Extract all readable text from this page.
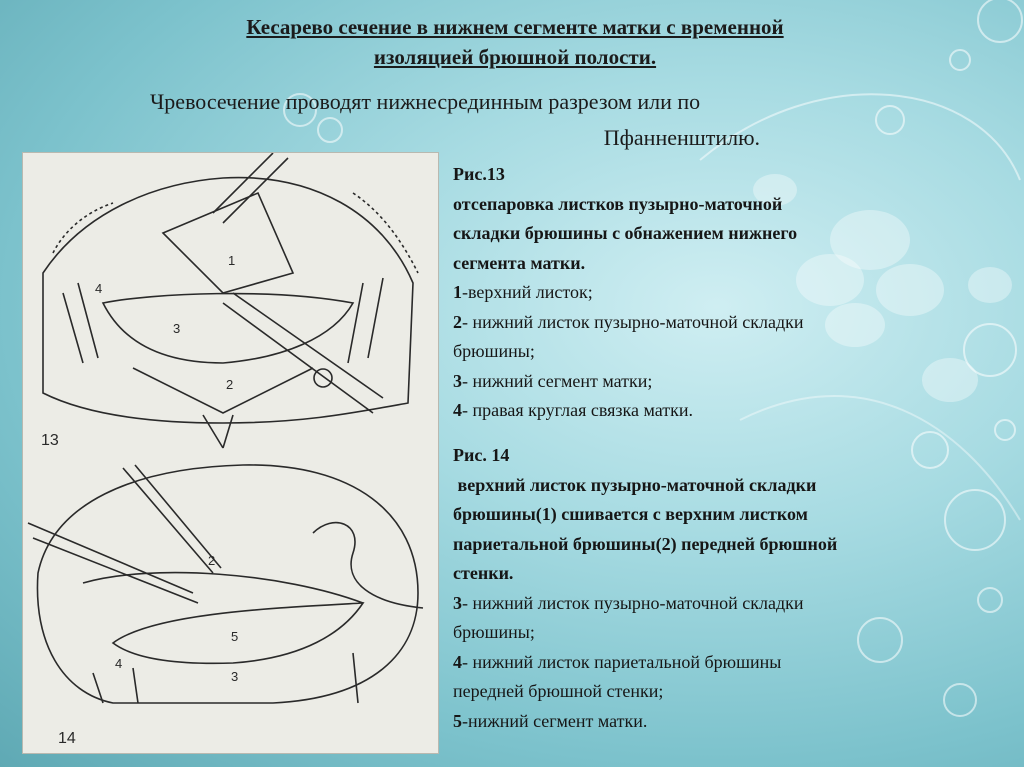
Кесарево сечение в нижнем сегменте матки с временной
изоляцией брюшной полости.
Чревосечение проводят нижнесрединным разрезом или по
Пфанненштилю.
13
1
2
3
4
14
2
3
4
5
Рис.13
отсепаровка листков пузырно-маточной
складки брюшины с обнажением нижнего
сегмента матки.
1-верхний листок;
2- нижний листок пузырно-маточной складки
брюшины;
3- нижний сегмент матки;
4- правая круглая связка матки.
Рис. 14
верхний листок пузырно-маточной складки
брюшины(1) сшивается с верхним листком
париетальной брюшины(2) передней брюшной
стенки.
3- нижний листок пузырно-маточной складки
брюшины;
4- нижний листок париетальной брюшины
передней брюшной стенки;
5-нижний сегмент матки.
